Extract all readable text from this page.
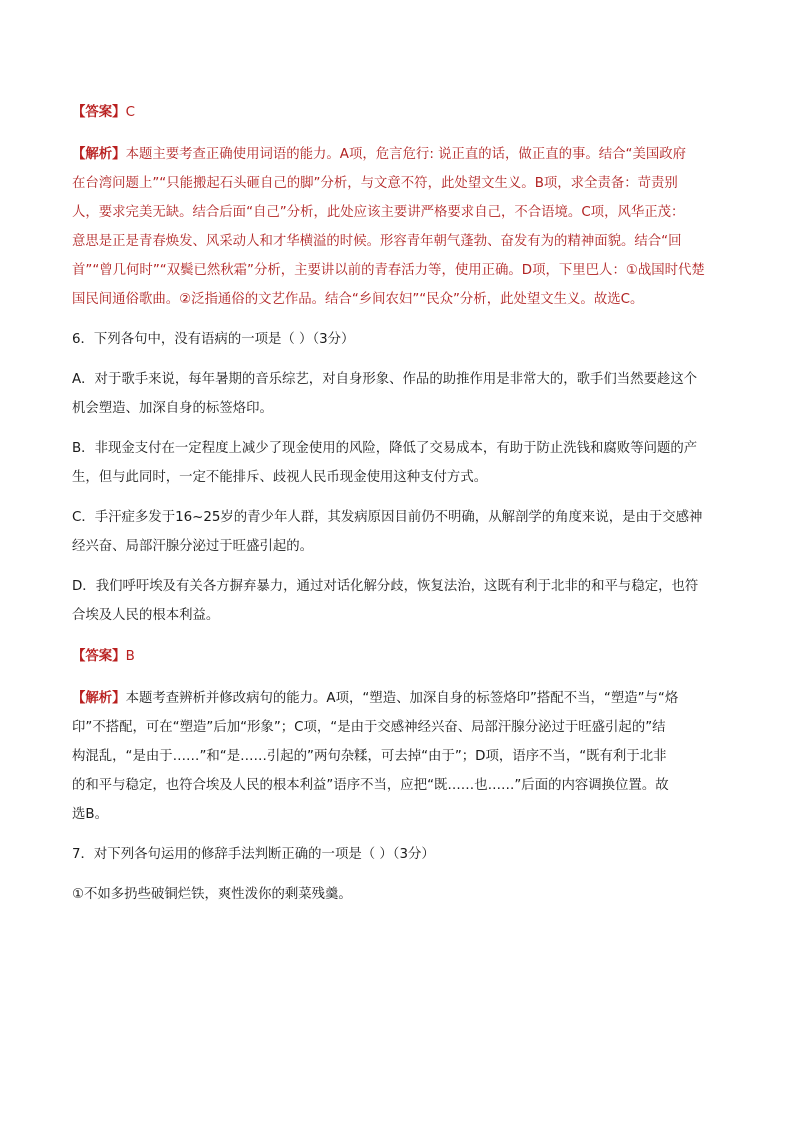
【答案】C

【解析】本题主要考查正确使用词语的能力。A项，危言危行: 说正直的话，做正直的事。结合“美国政府

在台湾问题上”“只能搬起石头砸自己的脚”分析，与文意不符，此处望文生义。B项，求全责备：苛责别

人，要求完美无缺。结合后面“自己”分析，此处应该主要讲严格要求自己，不合语境。C项，风华正茂：

意思是正是青春焕发、风采动人和才华横溢的时候。形容青年朝气蓬勃、奋发有为的精神面貌。结合“回

首”“曾几何时”“双鬓已然秋霜”分析，主要讲以前的青春活力等，使用正确。D项，下里巴人：①战国时代楚

国民间通俗歌曲。②泛指通俗的文艺作品。结合“乡间农妇”“民众”分析，此处望文生义。故选C。

6．下列各句中，没有语病的一项是（ ）（3分）

A．对于歌手来说，每年暑期的音乐综艺，对自身形象、作品的助推作用是非常大的，歌手们当然要趁这个

机会塑造、加深自身的标签烙印。

B．非现金支付在一定程度上减少了现金使用的风险，降低了交易成本，有助于防止洗钱和腐败等问题的产

生，但与此同时，一定不能排斥、歧视人民币现金使用这种支付方式。

C．手汗症多发于16~25岁的青少年人群，其发病原因目前仍不明确，从解剖学的角度来说，是由于交感神

经兴奋、局部汗腺分泌过于旺盛引起的。

D．我们呼吁埃及有关各方摒弃暴力，通过对话化解分歧，恢复法治，这既有利于北非的和平与稳定，也符

合埃及人民的根本利益。

【答案】B

【解析】本题考查辨析并修改病句的能力。A项，“塑造、加深自身的标签烙印”搭配不当，“塑造”与“烙

印”不搭配，可在“塑造”后加“形象”；C项，“是由于交感神经兴奋、局部汗腺分泌过于旺盛引起的”结

构混乱，“是由于……”和“是……引起的”两句杂糅，可去掉“由于”；D项，语序不当，“既有利于北非

的和平与稳定，也符合埃及人民的根本利益”语序不当，应把“既……也……”后面的内容调换位置。故

选B。

7．对下列各句运用的修辞手法判断正确的一项是（ ）（3分）

①不如多扔些破铜烂铁，爽性泼你的剩菜残羹。
